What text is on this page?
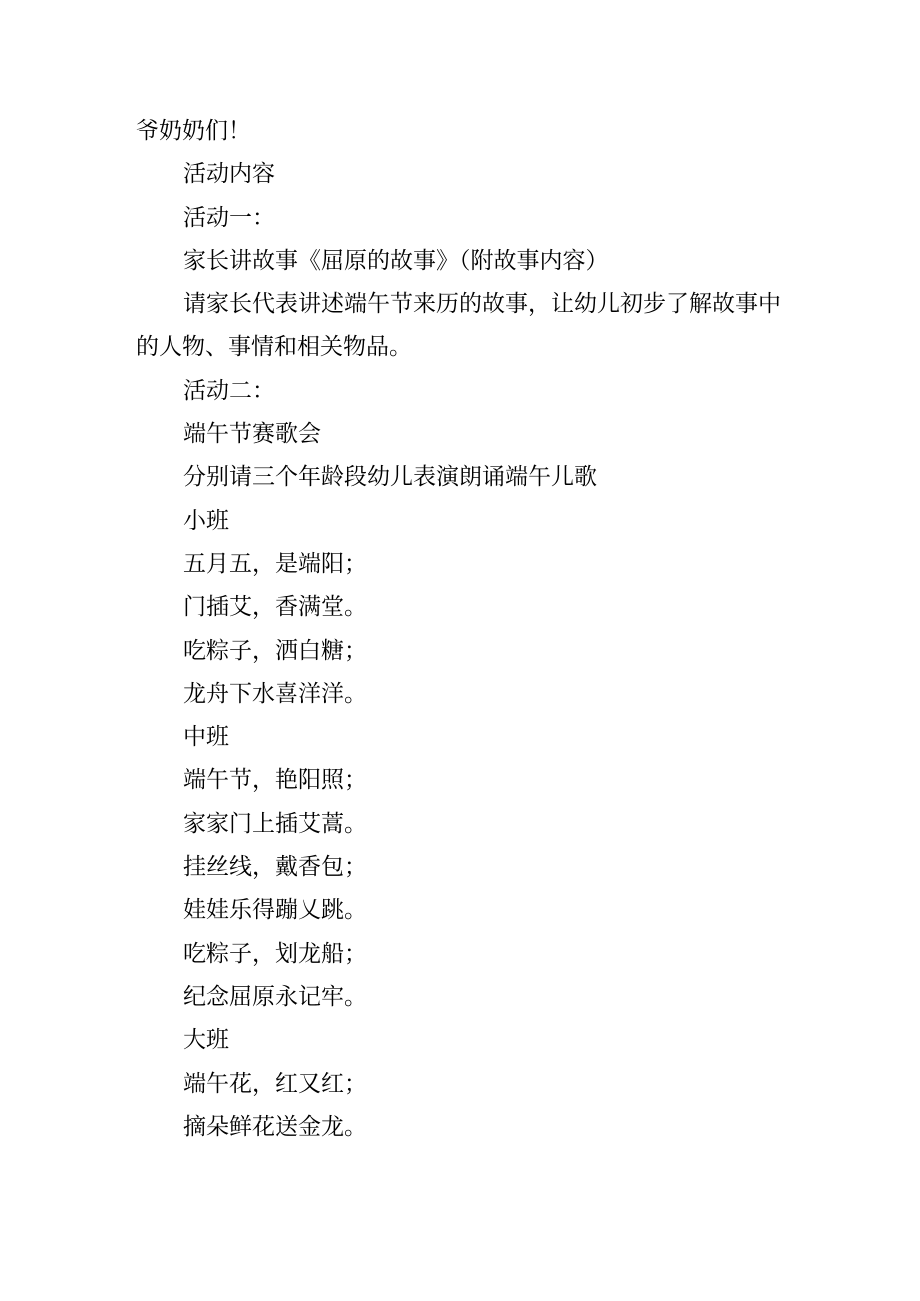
爷奶奶们！

活动内容

活动一：

家长讲故事《屈原的故事》（附故事内容）

请家长代表讲述端午节来历的故事，让幼儿初步了解故事中的人物、事情和相关物品。

活动二：

端午节赛歌会

分别请三个年龄段幼儿表演朗诵端午儿歌

小班

五月五，是端阳；

门插艾，香满堂。

吃粽子，洒白糖；

龙舟下水喜洋洋。

中班

端午节，艳阳照；

家家门上插艾蒿。

挂丝线，戴香包；

娃娃乐得蹦乂跳。

吃粽子，划龙船；

纪念屈原永记牢。

大班

端午花，红又红；

摘朵鲜花送金龙。
